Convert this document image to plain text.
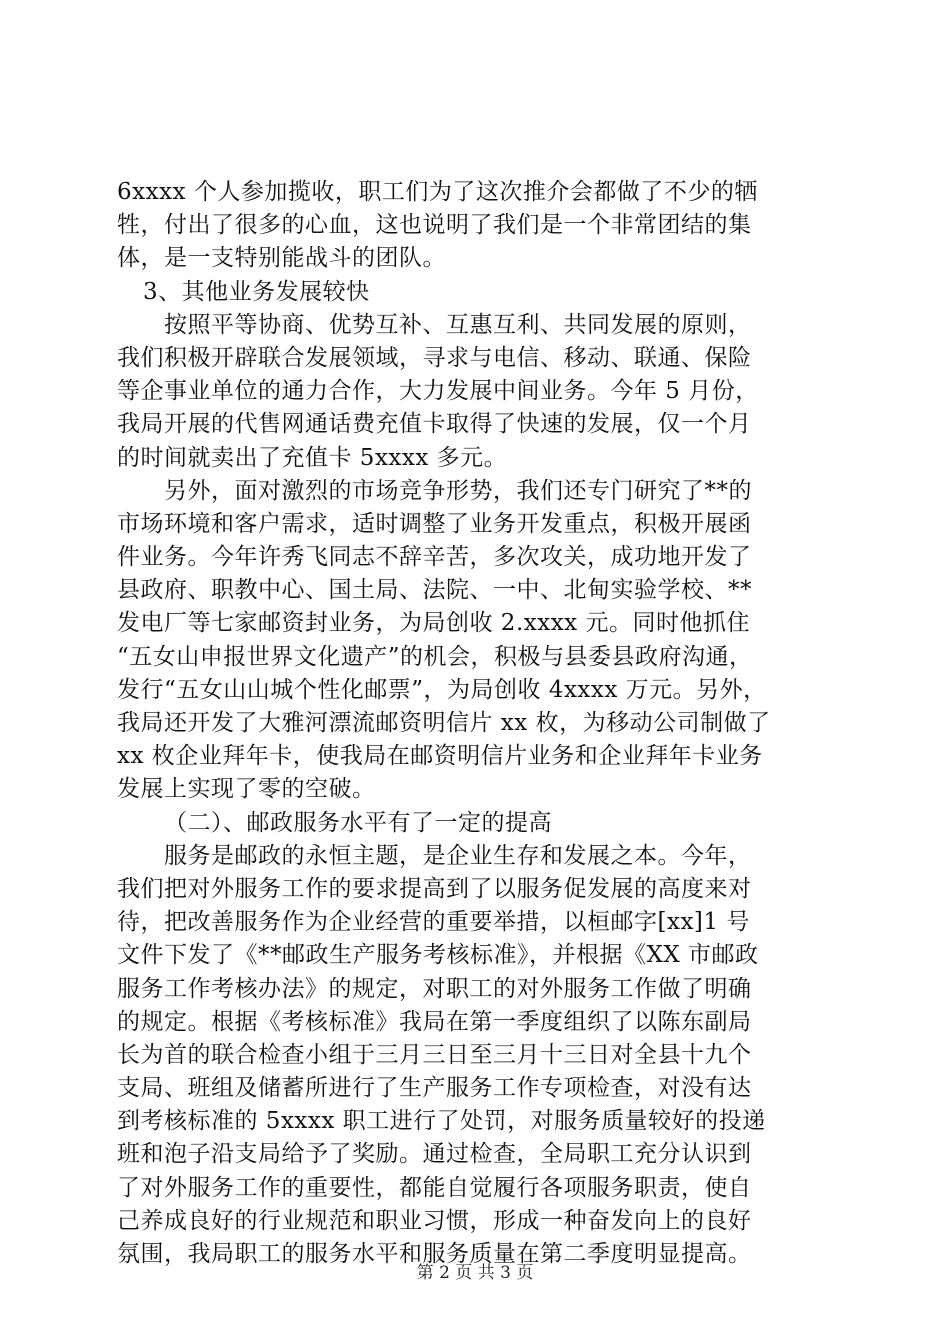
6xxxx 个人参加揽收，职工们为了这次推介会都做了不少的牺
牲，付出了很多的心血，这也说明了我们是一个非常团结的集
体，是一支特别能战斗的团队。
3、其他业务发展较快
按照平等协商、优势互补、互惠互利、共同发展的原则，
我们积极开辟联合发展领域，寻求与电信、移动、联通、保险
等企事业单位的通力合作，大力发展中间业务。今年 5 月份，
我局开展的代售网通话费充值卡取得了快速的发展，仅一个月
的时间就卖出了充值卡 5xxxx 多元。
另外，面对激烈的市场竞争形势，我们还专门研究了**的
市场环境和客户需求，适时调整了业务开发重点，积极开展函
件业务。今年许秀飞同志不辞辛苦，多次攻关，成功地开发了
县政府、职教中心、国土局、法院、一中、北甸实验学校、**
发电厂等七家邮资封业务，为局创收 2.xxxx 元。同时他抓住
“五女山申报世界文化遗产”的机会，积极与县委县政府沟通，
发行“五女山山城个性化邮票”，为局创收 4xxxx 万元。另外，
我局还开发了大雅河漂流邮资明信片 xx 枚，为移动公司制做了
xx 枚企业拜年卡，使我局在邮资明信片业务和企业拜年卡业务
发展上实现了零的空破。
（二）、邮政服务水平有了一定的提高
服务是邮政的永恒主题，是企业生存和发展之本。今年，
我们把对外服务工作的要求提高到了以服务促发展的高度来对
待，把改善服务作为企业经营的重要举措，以桓邮字[xx]1 号
文件下发了《**邮政生产服务考核标准》，并根据《XX 市邮政
服务工作考核办法》的规定，对职工的对外服务工作做了明确
的规定。根据《考核标准》我局在第一季度组织了以陈东副局
长为首的联合检查小组于三月三日至三月十三日对全县十九个
支局、班组及储蓄所进行了生产服务工作专项检查，对没有达
到考核标准的 5xxxx 职工进行了处罚，对服务质量较好的投递
班和泡子沿支局给予了奖励。通过检查，全局职工充分认识到
了对外服务工作的重要性，都能自觉履行各项服务职责，使自
己养成良好的行业规范和职业习惯，形成一种奋发向上的良好
氛围，我局职工的服务水平和服务质量在第二季度明显提高。
第 2 页 共 3 页
